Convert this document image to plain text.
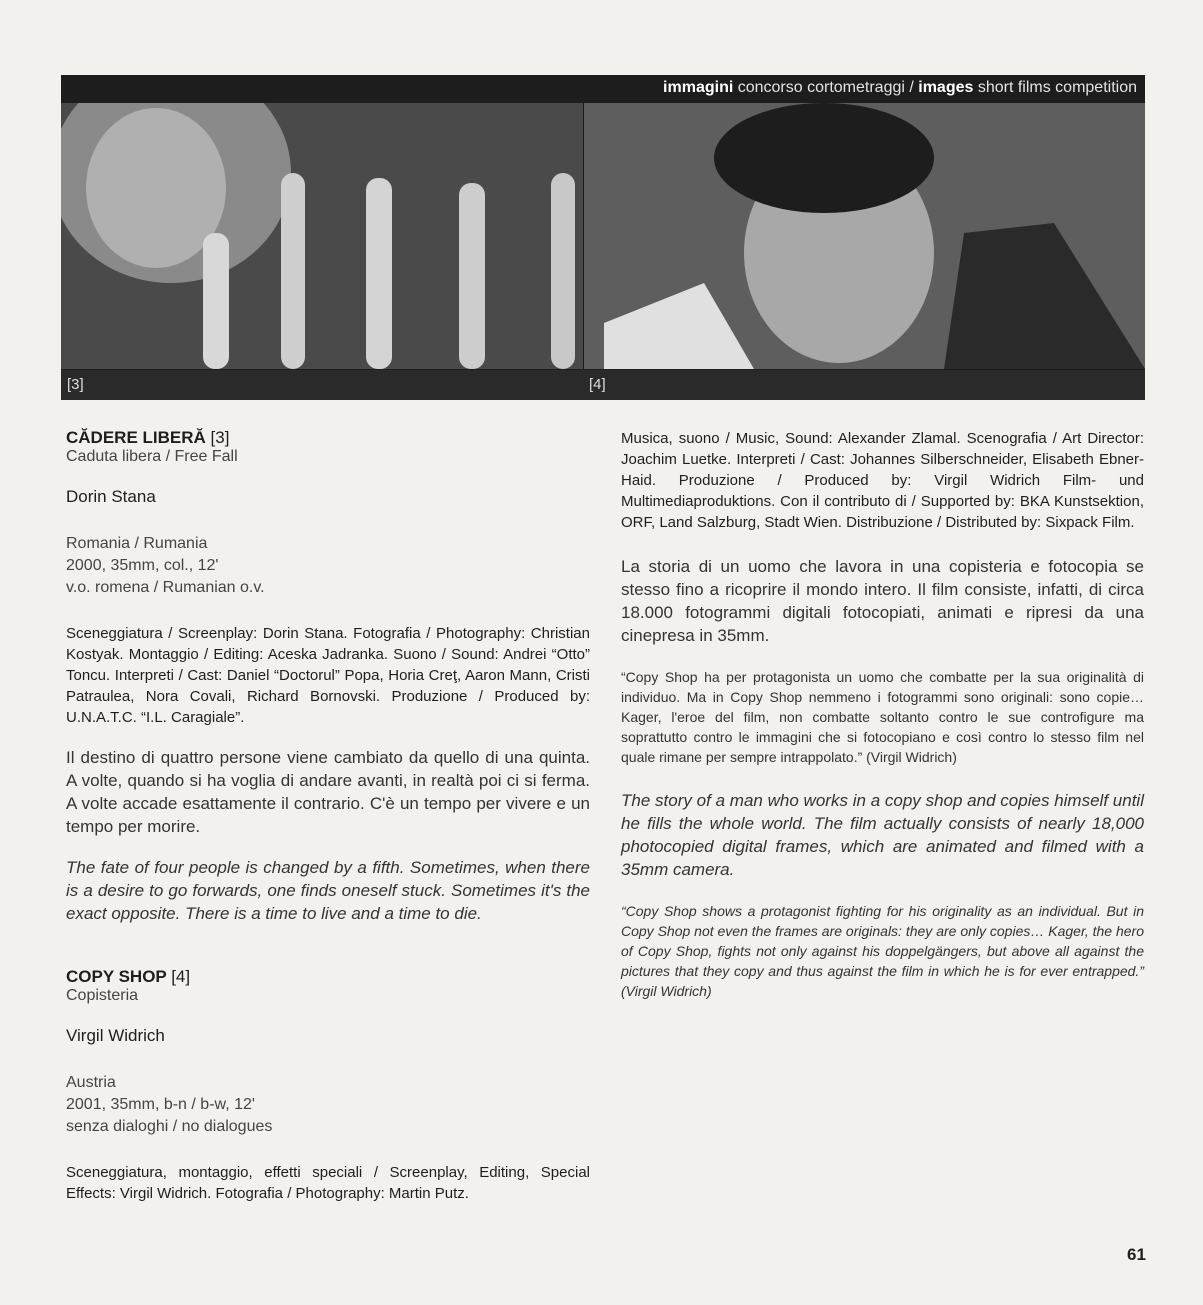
immagini concorso cortometraggi / images short films competition
[3]	[4]

CĂDERE LIBERĂ [3]

Caduta libera / Free Fall

Dorin Stana

Romania / Rumania
2000, 35mm, col., 12'
v.o. romena / Rumanian o.v.

Sceneggiatura / Screenplay: Dorin Stana. Fotografia / Photography: Christian Kostyak. Montaggio / Editing: Aceska Jadranka. Suono / Sound: Andrei “Otto” Toncu. Interpreti / Cast: Daniel “Doctorul” Popa, Horia Creţ, Aaron Mann, Cristi Patraulea, Nora Covali, Richard Bornovski. Produzione / Produced by: U.N.A.T.C. “I.L. Caragiale”.

Il destino di quattro persone viene cambiato da quello di una quinta. A volte, quando si ha voglia di andare avanti, in realtà poi ci si ferma. A volte accade esattamente il contrario. C'è un tempo per vivere e un tempo per morire.

The fate of four people is changed by a fifth. Sometimes, when there is a desire to go forwards, one finds oneself stuck. Sometimes it's the exact opposite. There is a time to live and a time to die.

COPY SHOP [4]

Copisteria

Virgil Widrich

Austria
2001, 35mm, b-n / b-w, 12'
senza dialoghi / no dialogues

Sceneggiatura, montaggio, effetti speciali / Screenplay, Editing, Special Effects: Virgil Widrich. Fotografia / Photography: Martin Putz.

Musica, suono / Music, Sound: Alexander Zlamal. Scenografia / Art Director: Joachim Luetke. Interpreti / Cast: Johannes Silberschneider, Elisabeth Ebner-Haid. Produzione / Produced by: Virgil Widrich Film- und Multimediaproduktions. Con il contributo di / Supported by: BKA Kunstsektion, ORF, Land Salzburg, Stadt Wien. Distribuzione / Distributed by: Sixpack Film.

La storia di un uomo che lavora in una copisteria e fotocopia se stesso fino a ricoprire il mondo intero. Il film consiste, infatti, di circa 18.000 fotogrammi digitali fotocopiati, animati e ripresi da una cinepresa in 35mm.

“Copy Shop ha per protagonista un uomo che combatte per la sua originalità di individuo. Ma in Copy Shop nemmeno i fotogrammi sono originali: sono copie… Kager, l'eroe del film, non combatte soltanto contro le sue controfigure ma soprattutto contro le immagini che si fotocopiano e così contro lo stesso film nel quale rimane per sempre intrappolato.” (Virgil Widrich)

The story of a man who works in a copy shop and copies himself until he fills the whole world. The film actually consists of nearly 18,000 photocopied digital frames, which are animated and filmed with a 35mm camera.

“Copy Shop shows a protagonist fighting for his originality as an individual. But in Copy Shop not even the frames are originals: they are only copies… Kager, the hero of Copy Shop, fights not only against his doppelgängers, but above all against the pictures that they copy and thus against the film in which he is for ever entrapped.” (Virgil Widrich)

61
